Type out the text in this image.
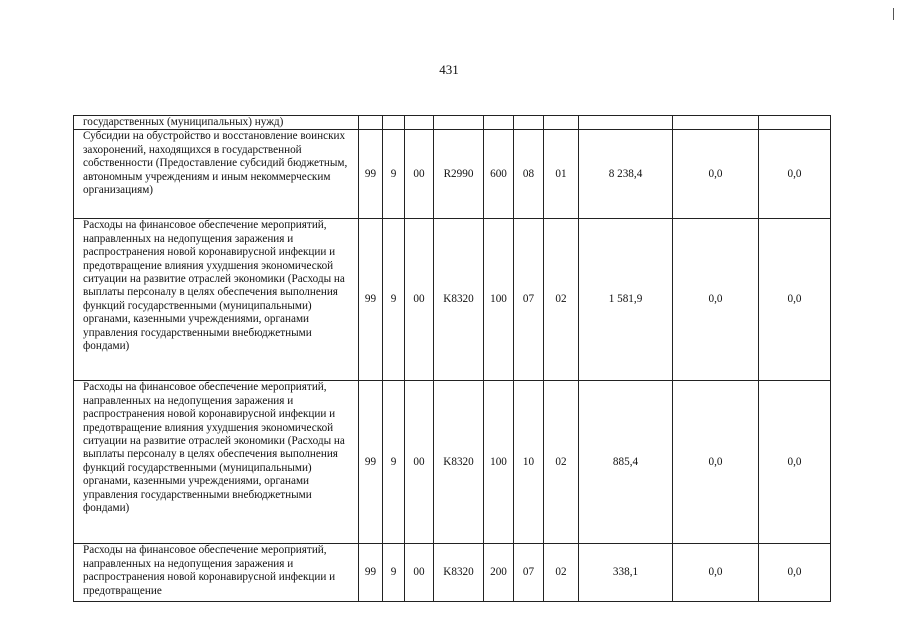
431
государственных (муниципальных) нужд)										
Субсидии на обустройство и восстановление воинских захоронений, находящихся в государственной собственности (Предоставление субсидий бюджетным, автономным учреждениям и иным некоммерческим организациям)	99	9	00	R2990	600	08	01	8 238,4	0,0	0,0
Расходы на финансовое обеспечение мероприятий, направленных на недопущения заражения и распространения новой коронавирусной инфекции и предотвращение влияния ухудшения экономической ситуации на развитие отраслей экономики (Расходы на выплаты персоналу в целях обеспечения выполнения функций государственными (муниципальными) органами, казенными учреждениями, органами управления государственными внебюджетными фондами)	99	9	00	K8320	100	07	02	1 581,9	0,0	0,0
Расходы на финансовое обеспечение мероприятий, направленных на недопущения заражения и распространения новой коронавирусной инфекции и предотвращение влияния ухудшения экономической ситуации на развитие отраслей экономики (Расходы на выплаты персоналу в целях обеспечения выполнения функций государственными (муниципальными) органами, казенными учреждениями, органами управления государственными внебюджетными фондами)	99	9	00	K8320	100	10	02	885,4	0,0	0,0
Расходы на финансовое обеспечение мероприятий, направленных на недопущения заражения и распространения новой коронавирусной инфекции и предотвращение	99	9	00	K8320	200	07	02	338,1	0,0	0,0
